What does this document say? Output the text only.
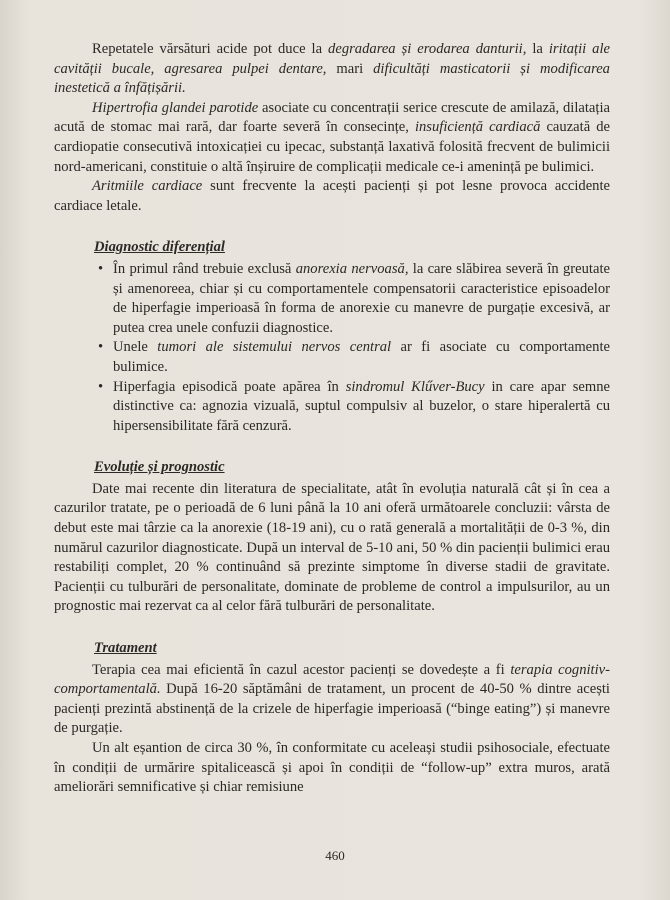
Repetatele vărsături acide pot duce la degradarea și erodarea danturii, la iritații ale cavității bucale, agresarea pulpei dentare, mari dificultăți masticatorii și modificarea inestetică a înfățișării.

Hipertrofia glandei parotide asociate cu concentrații serice crescute de amilază, dilatația acută de stomac mai rară, dar foarte severă în consecințe, insuficiență cardiacă cauzată de cardiopatie consecutivă intoxicației cu ipecac, substanță laxativă folosită frecvent de bulimicii nord-americani, constituie o altă înșiruire de complicații medicale ce-i amenință pe bulimici.

Aritmiile cardiace sunt frecvente la acești pacienți și pot lesne provoca accidente cardiace letale.

Diagnostic diferențial
• În primul rând trebuie exclusă anorexia nervoasă, la care slăbirea severă în greutate și amenoreea, chiar și cu comportamentele compensatorii caracteristice episoadelor de hiperfagie imperioasă în forma de anorexie cu manevre de purgație excesivă, ar putea crea unele confuzii diagnostice.
• Unele tumori ale sistemului nervos central ar fi asociate cu comportamente bulimice.
• Hiperfagia episodică poate apărea în sindromul Klűver-Bucy in care apar semne distinctive ca: agnozia vizuală, suptul compulsiv al buzelor, o stare hiperalertă cu hipersensibilitate fără cenzură.
Evoluție și prognostic

Date mai recente din literatura de specialitate, atât în evoluția naturală cât și în cea a cazurilor tratate, pe o perioadă de 6 luni până la 10 ani oferă următoarele concluzii: vârsta de debut este mai târzie ca la anorexie (18-19 ani), cu o rată generală a mortalității de 0-3 %, din numărul cazurilor diagnosticate. După un interval de 5-10 ani, 50 % din pacienții bulimici erau restabiliți complet, 20 % continuând să prezinte simptome în diverse stadii de gravitate. Pacienții cu tulburări de personalitate, dominate de probleme de control a impulsurilor, au un prognostic mai rezervat ca al celor fără tulburări de personalitate.

Tratament

Terapia cea mai eficientă în cazul acestor pacienți se dovedește a fi terapia cognitiv-comportamentală. După 16-20 săptămâni de tratament, un procent de 40-50 % dintre acești pacienți prezintă abstinență de la crizele de hiperfagie imperioasă (“binge eating”) și manevre de purgație.

Un alt eșantion de circa 30 %, în conformitate cu aceleași studii psihosociale, efectuate în condiții de urmărire spitalicească și apoi în condiții de “follow-up” extra muros, arată ameliorări semnificative și chiar remisiune

460
